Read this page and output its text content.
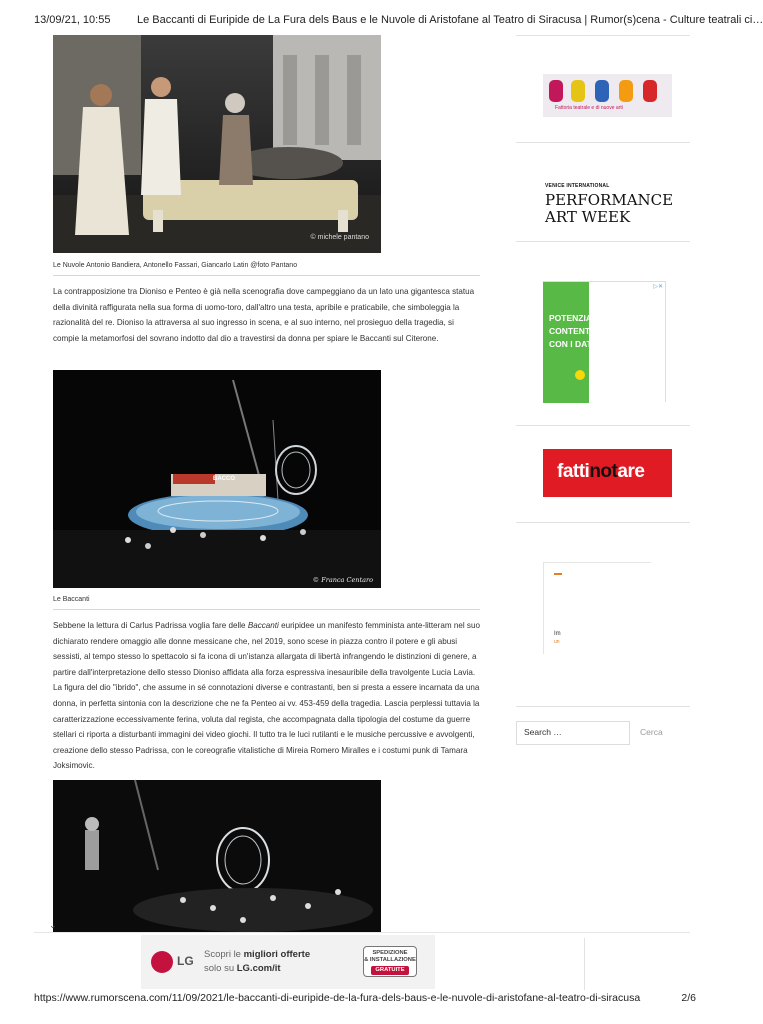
13/09/21, 10:55 Le Baccanti di Euripide de La Fura dels Baus e le Nuvole di Aristofane al Teatro di Siracusa | Rumor(s)cena - Culture teatrali ci…
© michele pantano
Le Nuvole Antonio Bandiera, Antonello Fassari, Giancarlo Latin @foto Pantano

La contrapposizione tra Dioniso e Penteo è già nella scenografia dove campeggiano da un lato una gigantesca statua della divinità raffigurata nella sua forma di uomo-toro, dall'altro una testa, apribile e praticabile, che simboleggia la razionalità del re. Dioniso la attraversa al suo ingresso in scena, e al suo interno, nel prosieguo della tragedia, si compie la metamorfosi del sovrano indotto dal dio a travestirsi da donna per spiare le Baccanti sul Citerone.

BACCO
© Franca Centaro
Le Baccanti

Sebbene la lettura di Carlus Padrissa voglia fare delle Baccanti euripidee un manifesto femminista ante-litteram nel suo dichiarato rendere omaggio alle donne messicane che, nel 2019, sono scese in piazza contro il potere e gli abusi sessisti, al tempo stesso lo spettacolo si fa icona di un'istanza allargata di libertà infrangendo le distinzioni di genere, a partire dall'interpretazione dello stesso Dioniso affidata alla forza espressiva inesauribile della travolgente Lucia Lavia. La figura del dio "ibrido", che assume in sé connotazioni diverse e contrastanti, ben si presta a essere incarnata da una donna, in perfetta sintonia con la descrizione che ne fa Penteo ai vv. 453-459 della tragedia. Lascia perplessi tuttavia la caratterizzazione eccessivamente ferina, voluta dal regista, che accompagnata dalla tipologia del costume da guerre stellari ci riporta a disturbanti immagini dei video giochi. Il tutto tra le luci rutilanti e le musiche percussive e avvolgenti, creazione dello stesso Padrissa, con le coreografie vitalistiche di Mireia Romero Miralles e i costumi punk di Tamara Joksimovic.

⌄
Fattoria teatrale e di nuove arti
VENICE INTERNATIONAL
PERFORMANCE
ART WEEK
POTENZIA
CONTENT
CON I DAT
▷✕
fattinotare
Im
un
Search …	Cerca
LG Scopri le migliori offerte
solo su LG.com/it
SPEDIZIONE
& INSTALLAZIONE
GRATUITE
https://www.rumorscena.com/11/09/2021/le-baccanti-di-euripide-de-la-fura-dels-baus-e-le-nuvole-di-aristofane-al-teatro-di-siracusa	2/6
